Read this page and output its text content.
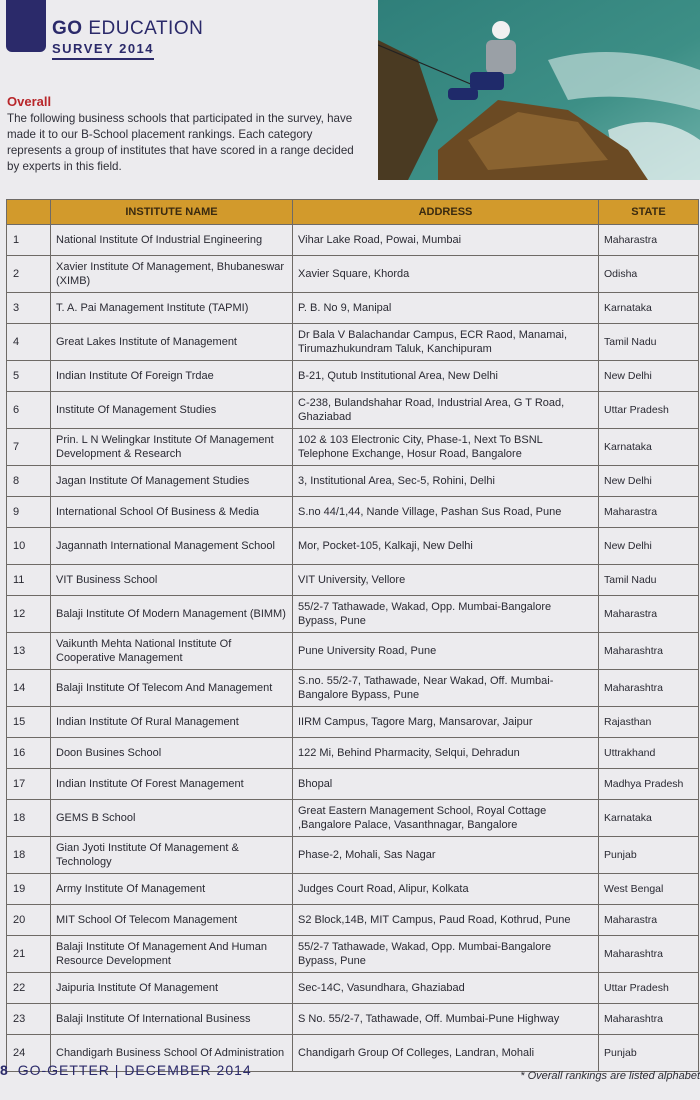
GO EDUCATION
SURVEY 2014
Overall
The following business schools that participated in the survey, have made it to our B-School placement rankings. Each category represents a group of institutes that have scored in a range decided by experts in this field.
	INSTITUTE NAME	ADDRESS	STATE
1	National Institute Of Industrial Engineering	Vihar Lake Road, Powai, Mumbai	Maharastra
2	Xavier Institute Of Management, Bhubaneswar (XIMB)	Xavier Square, Khorda	Odisha
3	T. A. Pai Management Institute (TAPMI)	P. B. No 9, Manipal	Karnataka
4	Great Lakes Institute of Management	Dr Bala V Balachandar Campus, ECR Raod, Manamai, Tirumazhukundram Taluk, Kanchipuram	Tamil Nadu
5	Indian Institute Of Foreign Trdae	B-21, Qutub Institutional Area, New Delhi	New Delhi
6	Institute Of Management Studies	C-238, Bulandshahar Road, Industrial Area, G T Road, Ghaziabad	Uttar Pradesh
7	Prin. L N Welingkar Institute Of Management Development & Research	102 & 103 Electronic City, Phase-1, Next To BSNL Telephone Exchange, Hosur Road, Bangalore	Karnataka
8	Jagan Institute Of Management Studies	3, Institutional Area, Sec-5, Rohini, Delhi	New Delhi
9	International School Of Business & Media	S.no 44/1,44, Nande Village, Pashan Sus Road, Pune	Maharastra
10	Jagannath International Management School	Mor, Pocket-105, Kalkaji, New Delhi	New Delhi
11	VIT Business School	VIT University, Vellore	Tamil Nadu
12	Balaji Institute Of Modern Management (BIMM)	55/2-7 Tathawade, Wakad, Opp. Mumbai-Bangalore Bypass, Pune	Maharastra
13	Vaikunth Mehta National Institute Of Cooperative Management	Pune University Road, Pune	Maharashtra
14	Balaji Institute Of Telecom And Management	S.no. 55/2-7, Tathawade, Near Wakad, Off. Mumbai-Bangalore Bypass, Pune	Maharashtra
15	Indian Institute Of Rural Management	IIRM Campus, Tagore Marg, Mansarovar, Jaipur	Rajasthan
16	Doon Busines School	122 Mi, Behind Pharmacity, Selqui, Dehradun	Uttrakhand
17	Indian Institute Of Forest Management	Bhopal	Madhya Pradesh
18	GEMS B School	Great Eastern Management School, Royal Cottage ,Bangalore Palace, Vasanthnagar, Bangalore	Karnataka
18	Gian Jyoti Institute Of Management & Technology	Phase-2, Mohali, Sas Nagar	Punjab
19	Army Institute Of Management	Judges Court Road, Alipur, Kolkata	West Bengal
20	MIT School Of Telecom Management	S2 Block,14B, MIT Campus, Paud Road, Kothrud, Pune	Maharastra
21	Balaji Institute Of Management And Human Resource Development	55/2-7 Tathawade, Wakad, Opp. Mumbai-Bangalore Bypass, Pune	Maharashtra
22	Jaipuria Institute Of Management	Sec-14C, Vasundhara, Ghaziabad	Uttar Pradesh
23	Balaji Institute Of International Business	S No. 55/2-7, Tathawade, Off. Mumbai-Pune Highway	Maharashtra
24	Chandigarh Business School Of Administration	Chandigarh Group Of Colleges, Landran, Mohali	Punjab
8 GO-GETTER | DECEMBER 2014	* Overall rankings are listed alphabet
